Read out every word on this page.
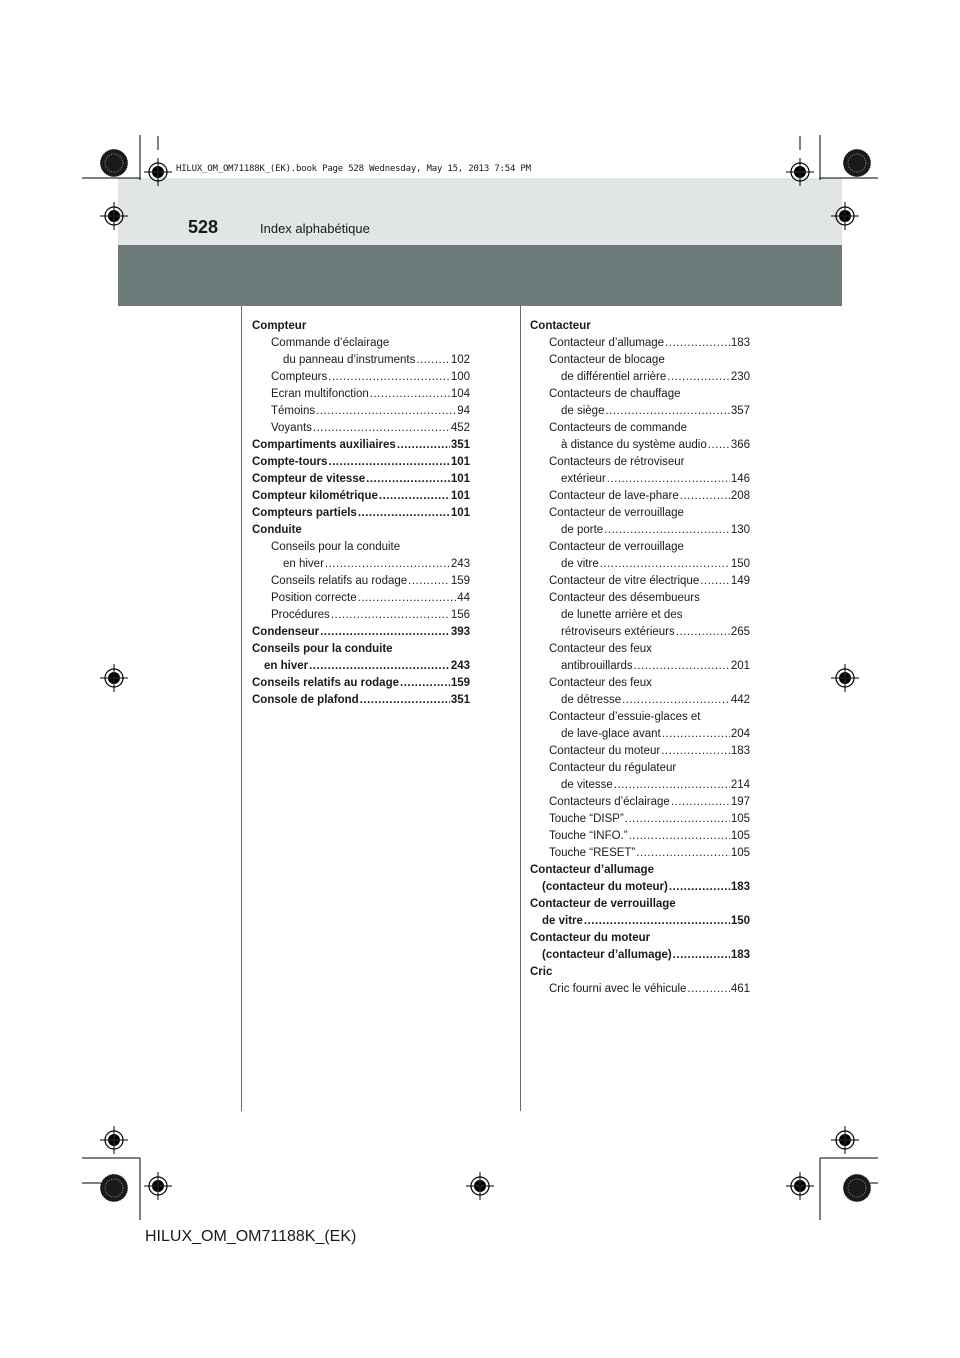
528	Index alphabétique
HILUX_OM_OM71188K_(EK).book Page 528 Wednesday, May 15, 2013 7:54 PM
Compteur
Commande d’éclairage
du panneau d’instruments .....	102
Compteurs .....	100
Ecran multifonction .....	104
Témoins .....	94
Voyants .....	452
Compartiments auxiliaires .....	351
Compte-tours .....	101
Compteur de vitesse .....	101
Compteur kilométrique .....	101
Compteurs partiels .....	101
Conduite
Conseils pour la conduite
en hiver .....	243
Conseils relatifs au rodage .....	159
Position correcte .....	44
Procédures .....	156
Condenseur .....	393
Conseils pour la conduite
en hiver .....	243
Conseils relatifs au rodage .....	159
Console de plafond .....	351
Contacteur
Contacteur d’allumage .....	183
Contacteur de blocage
de différentiel arrière .....	230
Contacteurs de chauffage
de siège .....	357
Contacteurs de commande
à distance du système audio ..... 366
Contacteurs de rétroviseur
extérieur .....	146
Contacteur de lave-phare .....	208
Contacteur de verrouillage
de porte .....	130
Contacteur de verrouillage
de vitre .....	150
Contacteur de vitre électrique .....	149
Contacteur des désembueurs
de lunette arrière et des
rétroviseurs extérieurs .....	265
Contacteur des feux
antibrouillards .....	201
Contacteur des feux
de détresse .....	442
Contacteur d’essuie-glaces et
de lave-glace avant .....	204
Contacteur du moteur .....	183
Contacteur du régulateur
de vitesse .....	214
Contacteurs d’éclairage .....	197
Touche “DISP” .....	105
Touche “INFO.” .....	105
Touche “RESET” .....	105
Contacteur d’allumage
(contacteur du moteur) .....	183
Contacteur de verrouillage
de vitre .....	150
Contacteur du moteur
(contacteur d’allumage) .....	183
Cric
Cric fourni avec le véhicule .....	461
HILUX_OM_OM71188K_(EK)
